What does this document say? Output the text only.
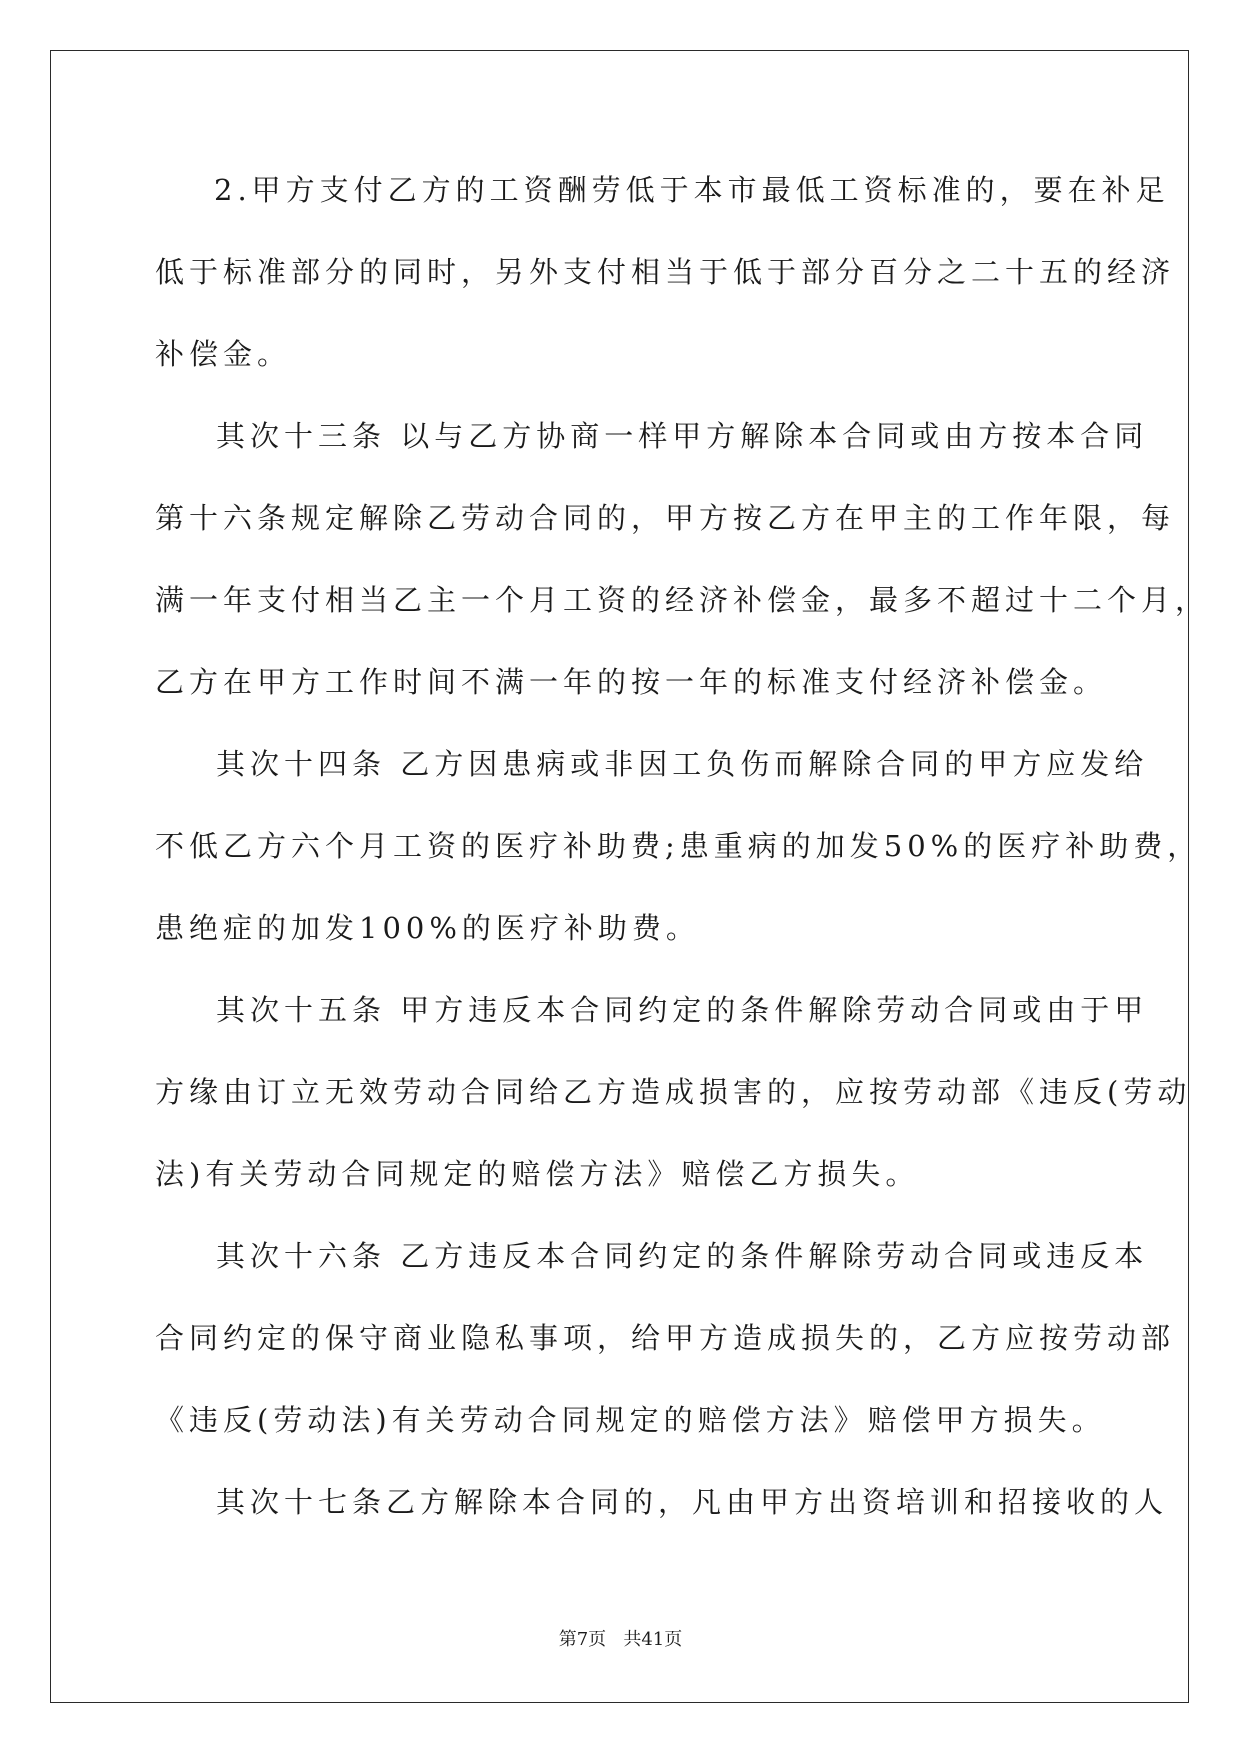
2.甲方支付乙方的工资酬劳低于本市最低工资标准的，要在补足

低于标准部分的同时，另外支付相当于低于部分百分之二十五的经济

补偿金。

其次十三条 以与乙方协商一样甲方解除本合同或由方按本合同

第十六条规定解除乙劳动合同的，甲方按乙方在甲主的工作年限，每

满一年支付相当乙主一个月工资的经济补偿金，最多不超过十二个月，

乙方在甲方工作时间不满一年的按一年的标准支付经济补偿金。

其次十四条 乙方因患病或非因工负伤而解除合同的甲方应发给

不低乙方六个月工资的医疗补助费;患重病的加发50%的医疗补助费，

患绝症的加发100%的医疗补助费。

其次十五条 甲方违反本合同约定的条件解除劳动合同或由于甲

方缘由订立无效劳动合同给乙方造成损害的，应按劳动部《违反(劳动

法)有关劳动合同规定的赔偿方法》赔偿乙方损失。

其次十六条 乙方违反本合同约定的条件解除劳动合同或违反本

合同约定的保守商业隐私事项，给甲方造成损失的，乙方应按劳动部

《违反(劳动法)有关劳动合同规定的赔偿方法》赔偿甲方损失。

其次十七条乙方解除本合同的，凡由甲方出资培训和招接收的人

第7页   共41页
